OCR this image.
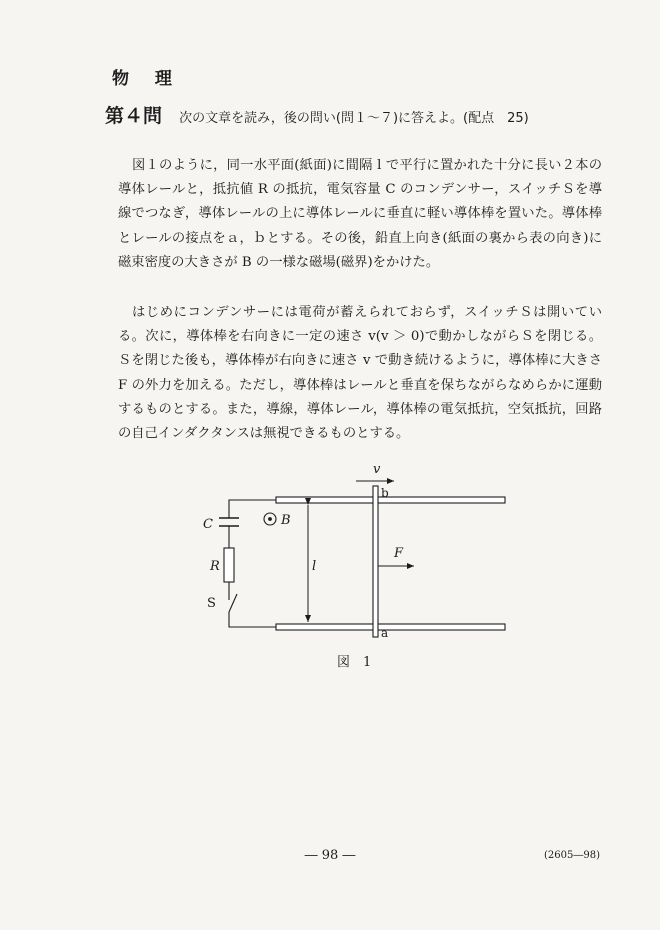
物 理
第４問 次の文章を読み，後の問い(問１～７)に答えよ。(配点　25)

図１のように，同一水平面(紙面)に間隔 l で平行に置かれた十分に長い２本の導体レールと，抵抗値 R の抵抗，電気容量 C のコンデンサー，スイッチＳを導線でつなぎ，導体レールの上に導体レールに垂直に軽い導体棒を置いた。導体棒とレールの接点をａ，ｂとする。その後，鉛直上向き(紙面の裏から表の向き)に磁束密度の大きさが B の一様な磁場(磁界)をかけた。

はじめにコンデンサーには電荷が蓄えられておらず，スイッチＳは開いている。次に，導体棒を右向きに一定の速さ v(v ＞ 0)で動かしながらＳを閉じる。Ｓを閉じた後も，導体棒が右向きに速さ v で動き続けるように，導体棒に大きさ F の外力を加える。ただし，導体棒はレールと垂直を保ちながらなめらかに運動するものとする。また，導線，導体レール，導体棒の電気抵抗，空気抵抗，回路の自己インダクタンスは無視できるものとする。

v
b
a
C	B
R	l
F
S
図　1
― 98 ―	(2605―98)
